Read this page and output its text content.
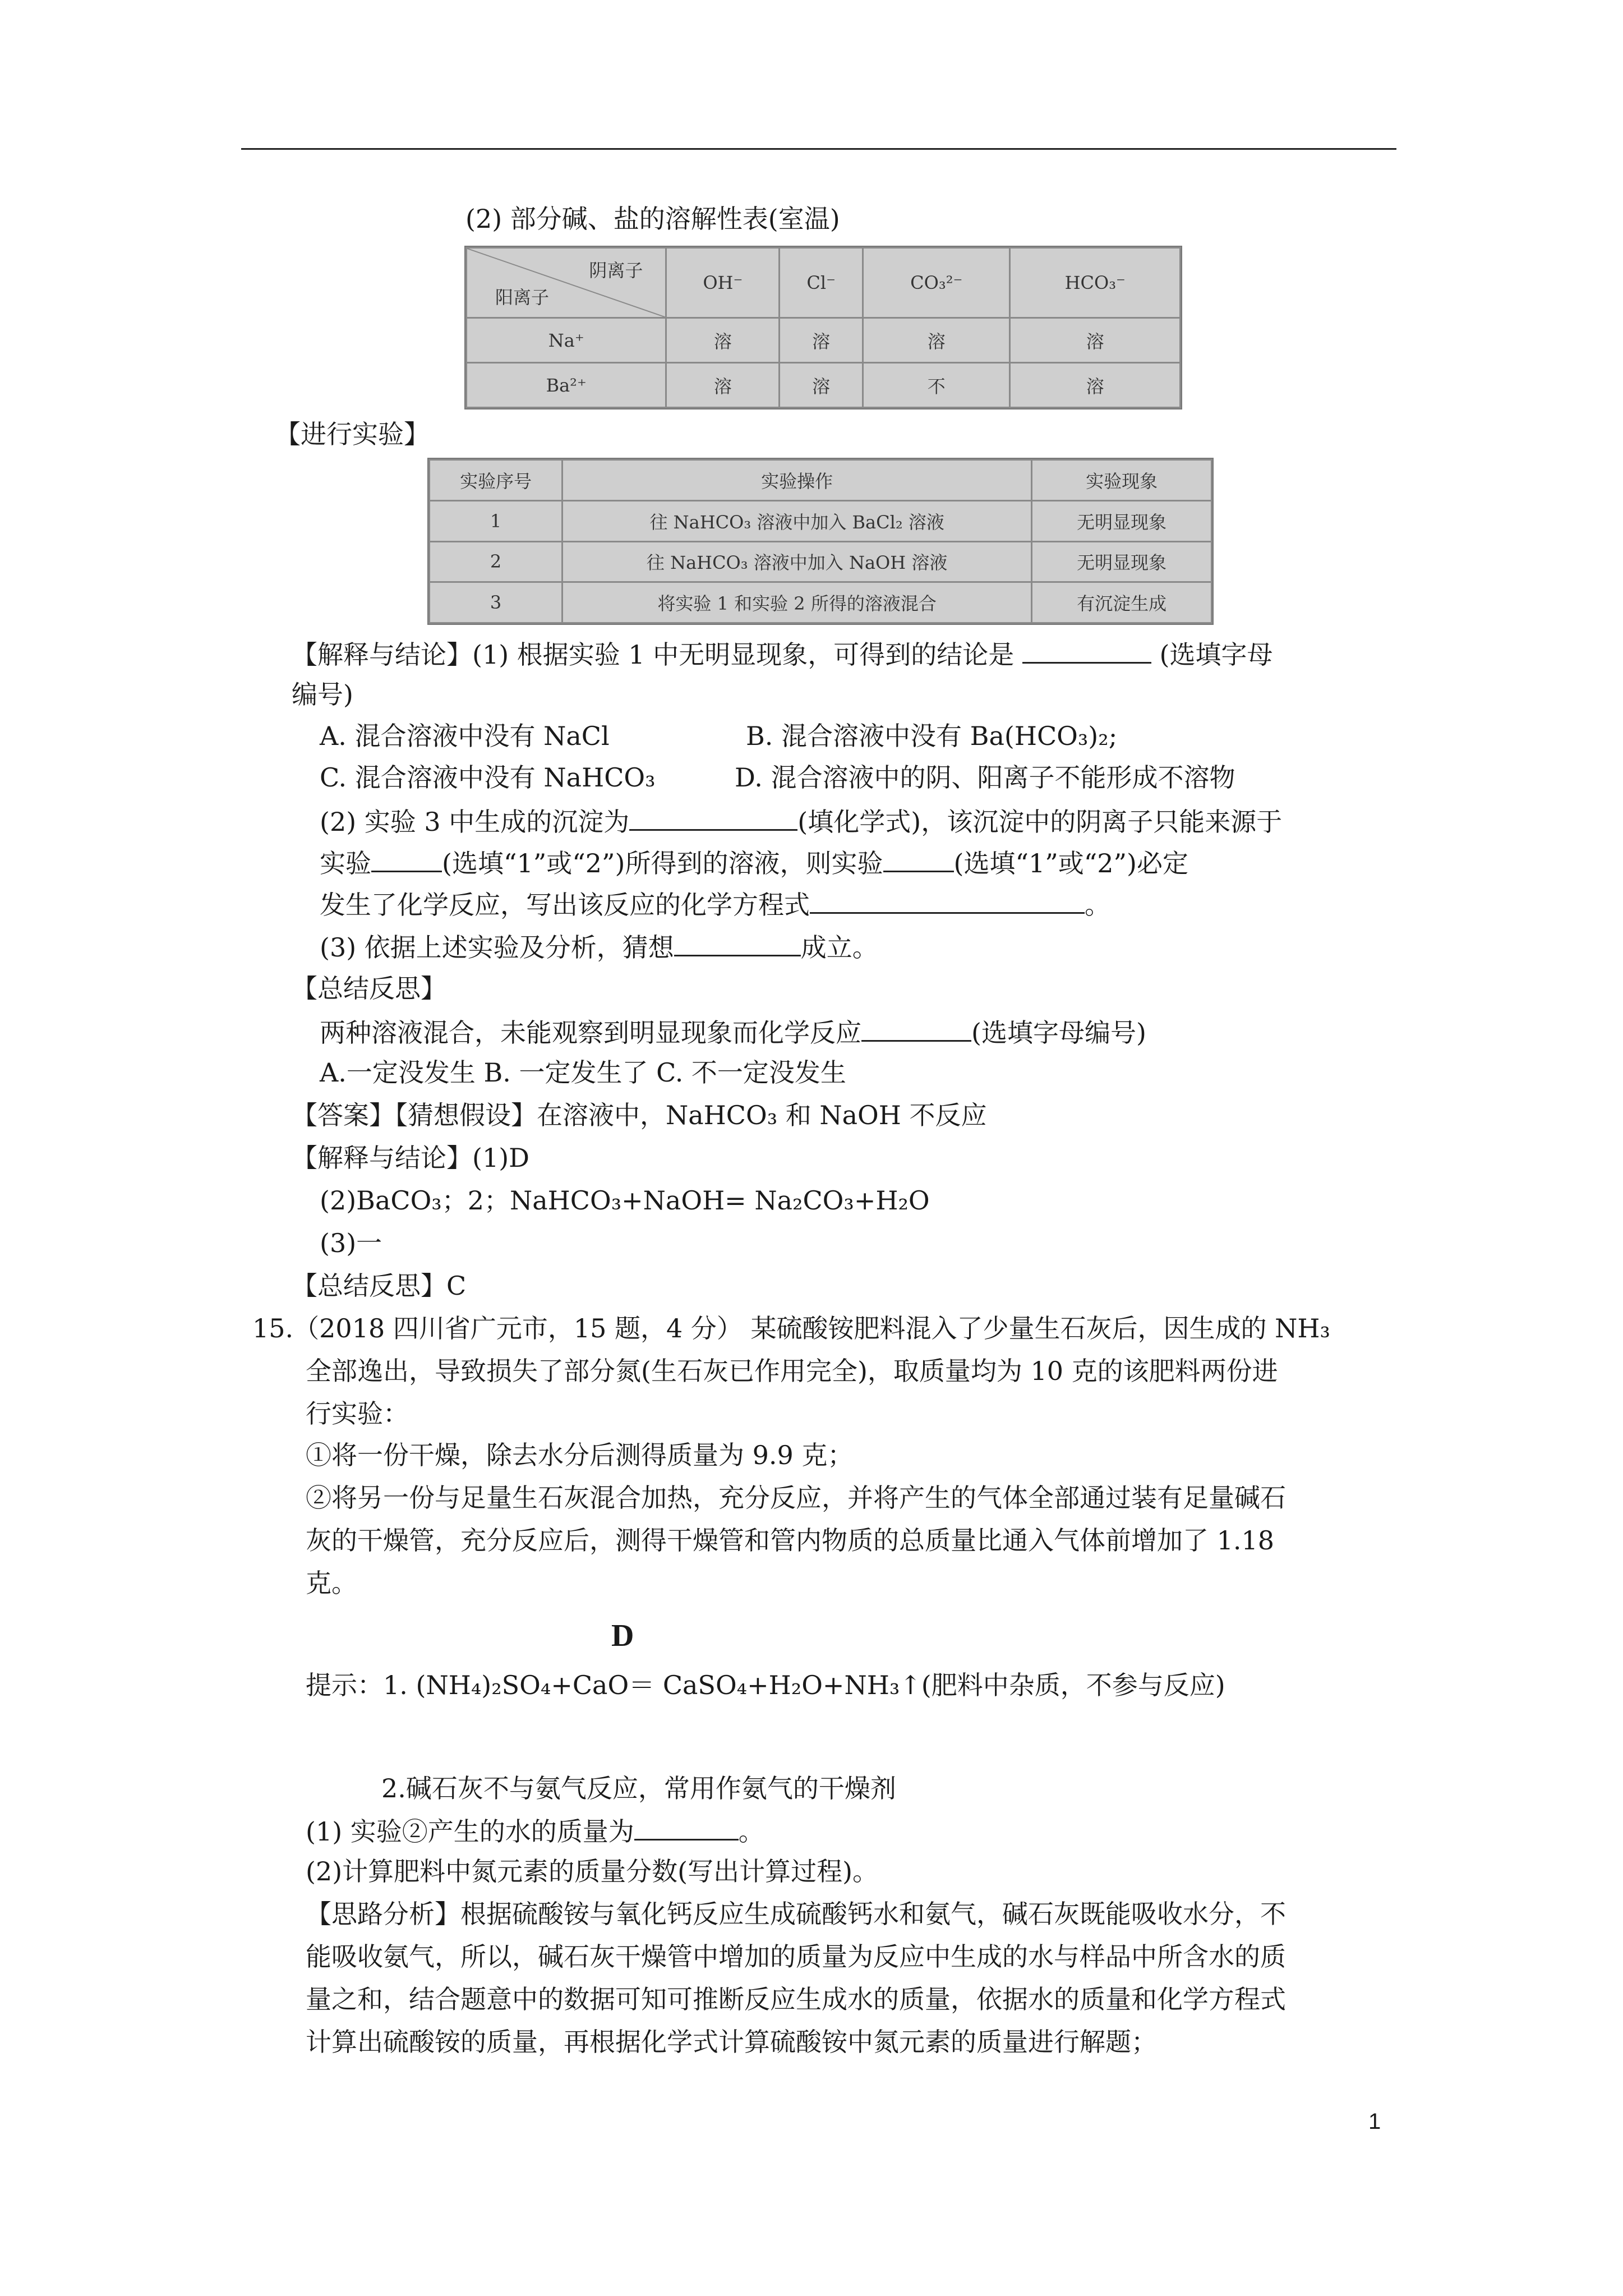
(2) 部分碱、盐的溶解性表(室温)
阴离子
阳离子	OH⁻	Cl⁻	CO₃²⁻	HCO₃⁻
Na⁺	溶	溶	溶	溶
Ba²⁺	溶	溶	不	溶
【进行实验】
实验序号	实验操作	实验现象
1	往 NaHCO₃ 溶液中加入 BaCl₂ 溶液	无明显现象
2	往 NaHCO₃ 溶液中加入 NaOH 溶液	无明显现象
3	将实验 1 和实验 2 所得的溶液混合	有沉淀生成
【解释与结论】(1) 根据实验 1 中无明显现象，可得到的结论是	(选填字母
编号)
A. 混合溶液中没有 NaCl	B. 混合溶液中没有 Ba(HCO₃)₂;
C. 混合溶液中没有 NaHCO₃	D. 混合溶液中的阴、阳离子不能形成不溶物
(2) 实验 3 中生成的沉淀为	(填化学式)，该沉淀中的阴离子只能来源于
实验	(选填“1”或“2”)所得到的溶液，则实验	(选填“1”或“2”)必定
发生了化学反应，写出该反应的化学方程式	。
(3) 依据上述实验及分析，猜想	成立。
【总结反思】
两种溶液混合，未能观察到明显现象而化学反应	(选填字母编号)
A.一定没发生 B. 一定发生了 C. 不一定没发生
【答案】【猜想假设】在溶液中，NaHCO₃ 和 NaOH 不反应
【解释与结论】(1)D
(2)BaCO₃；2；NaHCO₃+NaOH= Na₂CO₃+H₂O
(3)一
【总结反思】C
15.（2018 四川省广元市，15 题，4 分） 某硫酸铵肥料混入了少量生石灰后，因生成的 NH₃
全部逸出，导致损失了部分氮(生石灰已作用完全)，取质量均为 10 克的该肥料两份进
行实验：
①将一份干燥，除去水分后测得质量为 9.9 克；
②将另一份与足量生石灰混合加热，充分反应，并将产生的气体全部通过装有足量碱石
灰的干燥管，充分反应后，测得干燥管和管内物质的总质量比通入气体前增加了 1.18
克。
D
提示：1. (NH₄)₂SO₄+CaO＝ CaSO₄+H₂O+NH₃↑(肥料中杂质，不参与反应)
2.碱石灰不与氨气反应，常用作氨气的干燥剂
(1) 实验②产生的水的质量为	。
(2)计算肥料中氮元素的质量分数(写出计算过程)。
【思路分析】根据硫酸铵与氧化钙反应生成硫酸钙水和氨气，碱石灰既能吸收水分，不
能吸收氨气，所以，碱石灰干燥管中增加的质量为反应中生成的水与样品中所含水的质
量之和，结合题意中的数据可知可推断反应生成水的质量，依据水的质量和化学方程式
计算出硫酸铵的质量，再根据化学式计算硫酸铵中氮元素的质量进行解题；
1
